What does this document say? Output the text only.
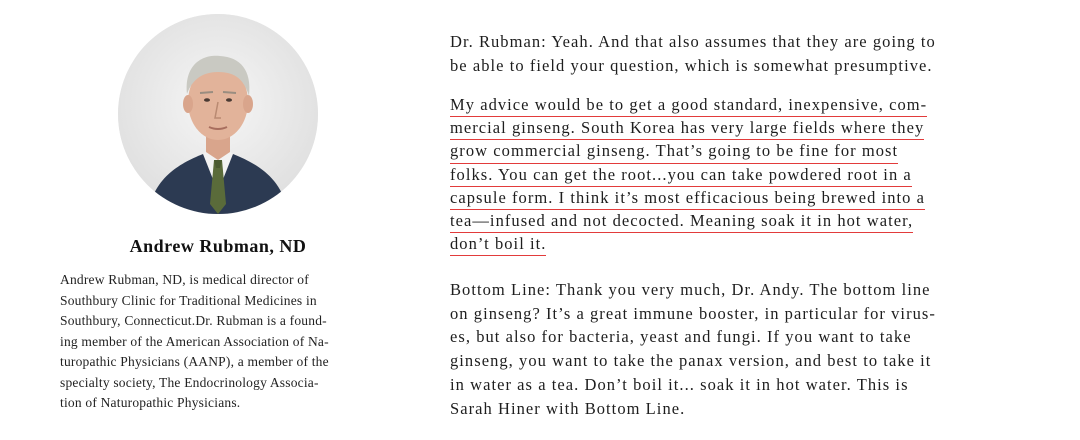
Andrew Rubman, ND
Andrew Rubman, ND, is medical director of
Southbury Clinic for Traditional Medicines in
Southbury, Connecticut.Dr. Rubman is a found-
ing member of the American Association of Na-
turopathic Physicians (AANP), a member of the
specialty society, The Endocrinology Associa-
tion of Naturopathic Physicians.
Dr. Rubman: Yeah. And that also assumes that they are going to
be able to field your question, which is somewhat presumptive.
My advice would be to get a good standard, inexpensive, com-
mercial ginseng. South Korea has very large fields where they
grow commercial ginseng. That’s going to be fine for most
folks. You can get the root...you can take powdered root in a
capsule form. I think it’s most efficacious being brewed into a
tea—infused and not decocted. Meaning soak it in hot water,
don’t boil it.
Bottom Line: Thank you very much, Dr. Andy. The bottom line
on ginseng? It’s a great immune booster, in particular for virus-
es, but also for bacteria, yeast and fungi. If you want to take
ginseng, you want to take the panax version, and best to take it
in water as a tea. Don’t boil it... soak it in hot water. This is
Sarah Hiner with Bottom Line.
